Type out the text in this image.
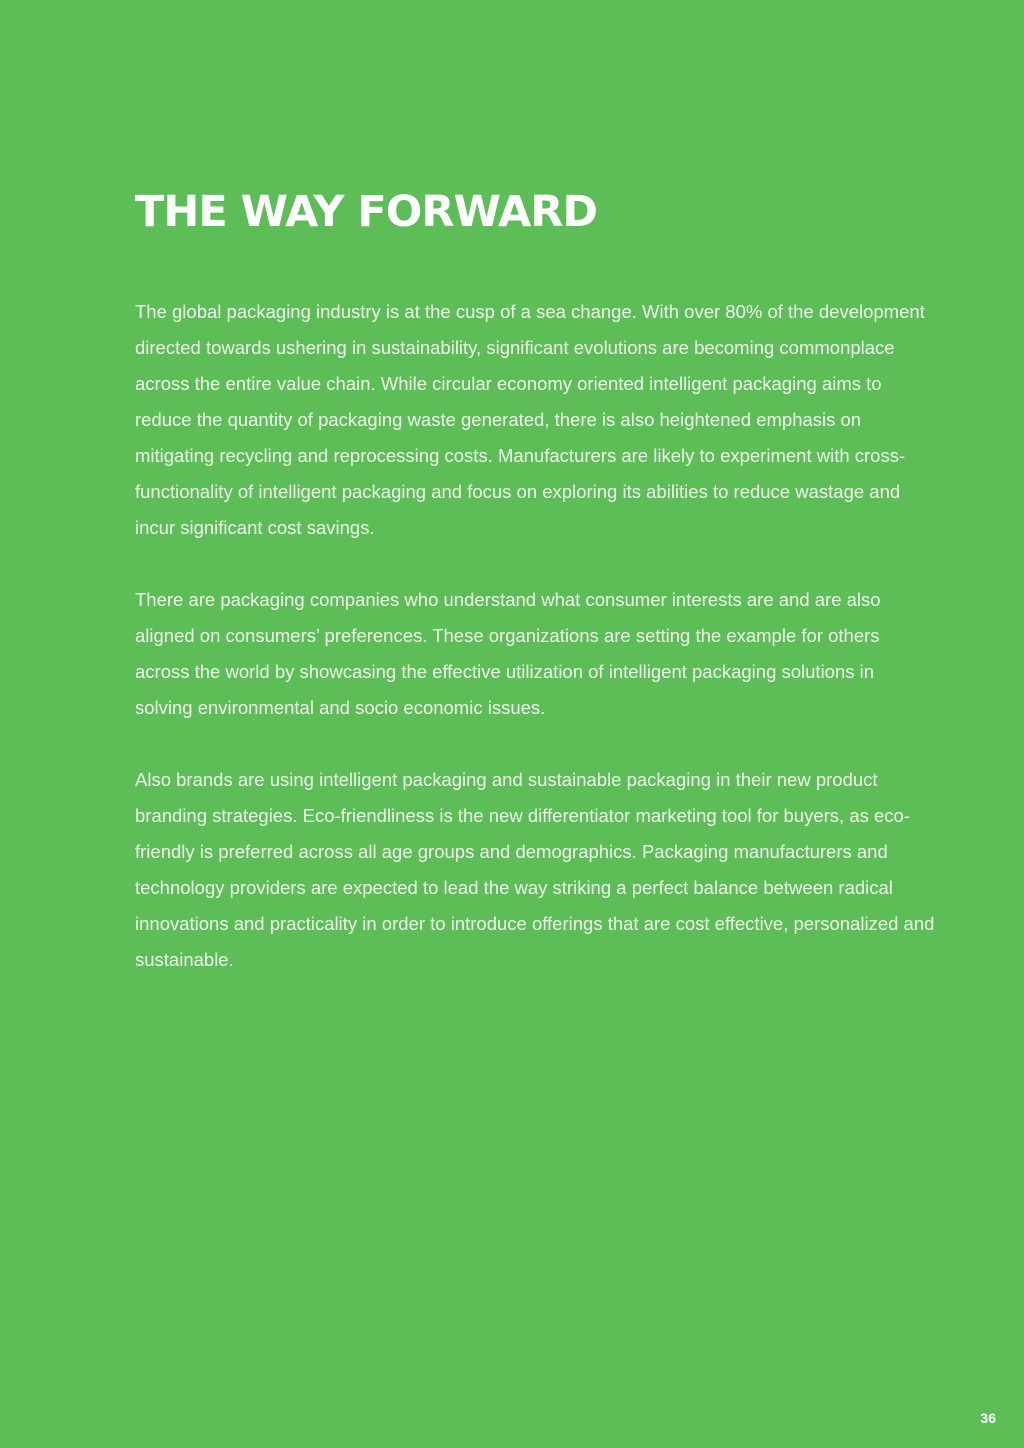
THE WAY FORWARD

The global packaging industry is at the cusp of a sea change. With over 80% of the development directed towards ushering in sustainability, significant evolutions are becoming commonplace across the entire value chain. While circular economy oriented intelligent packaging aims to reduce the quantity of packaging waste generated, there is also heightened emphasis on mitigating recycling and reprocessing costs. Manufacturers are likely to experiment with cross-functionality of intelligent packaging and focus on exploring its abilities to reduce wastage and incur significant cost savings.

There are packaging companies who understand what consumer interests are and are also aligned on consumers’ preferences. These organizations are setting the example for others across the world by showcasing the effective utilization of intelligent packaging solutions in solving environmental and socio economic issues.

Also brands are using intelligent packaging and sustainable packaging in their new product branding strategies. Eco-friendliness is the new differentiator marketing tool for buyers, as eco-friendly is preferred across all age groups and demographics. Packaging manufacturers and technology providers are expected to lead the way striking a perfect balance between radical innovations and practicality in order to introduce offerings that are cost effective, personalized and sustainable.

36
